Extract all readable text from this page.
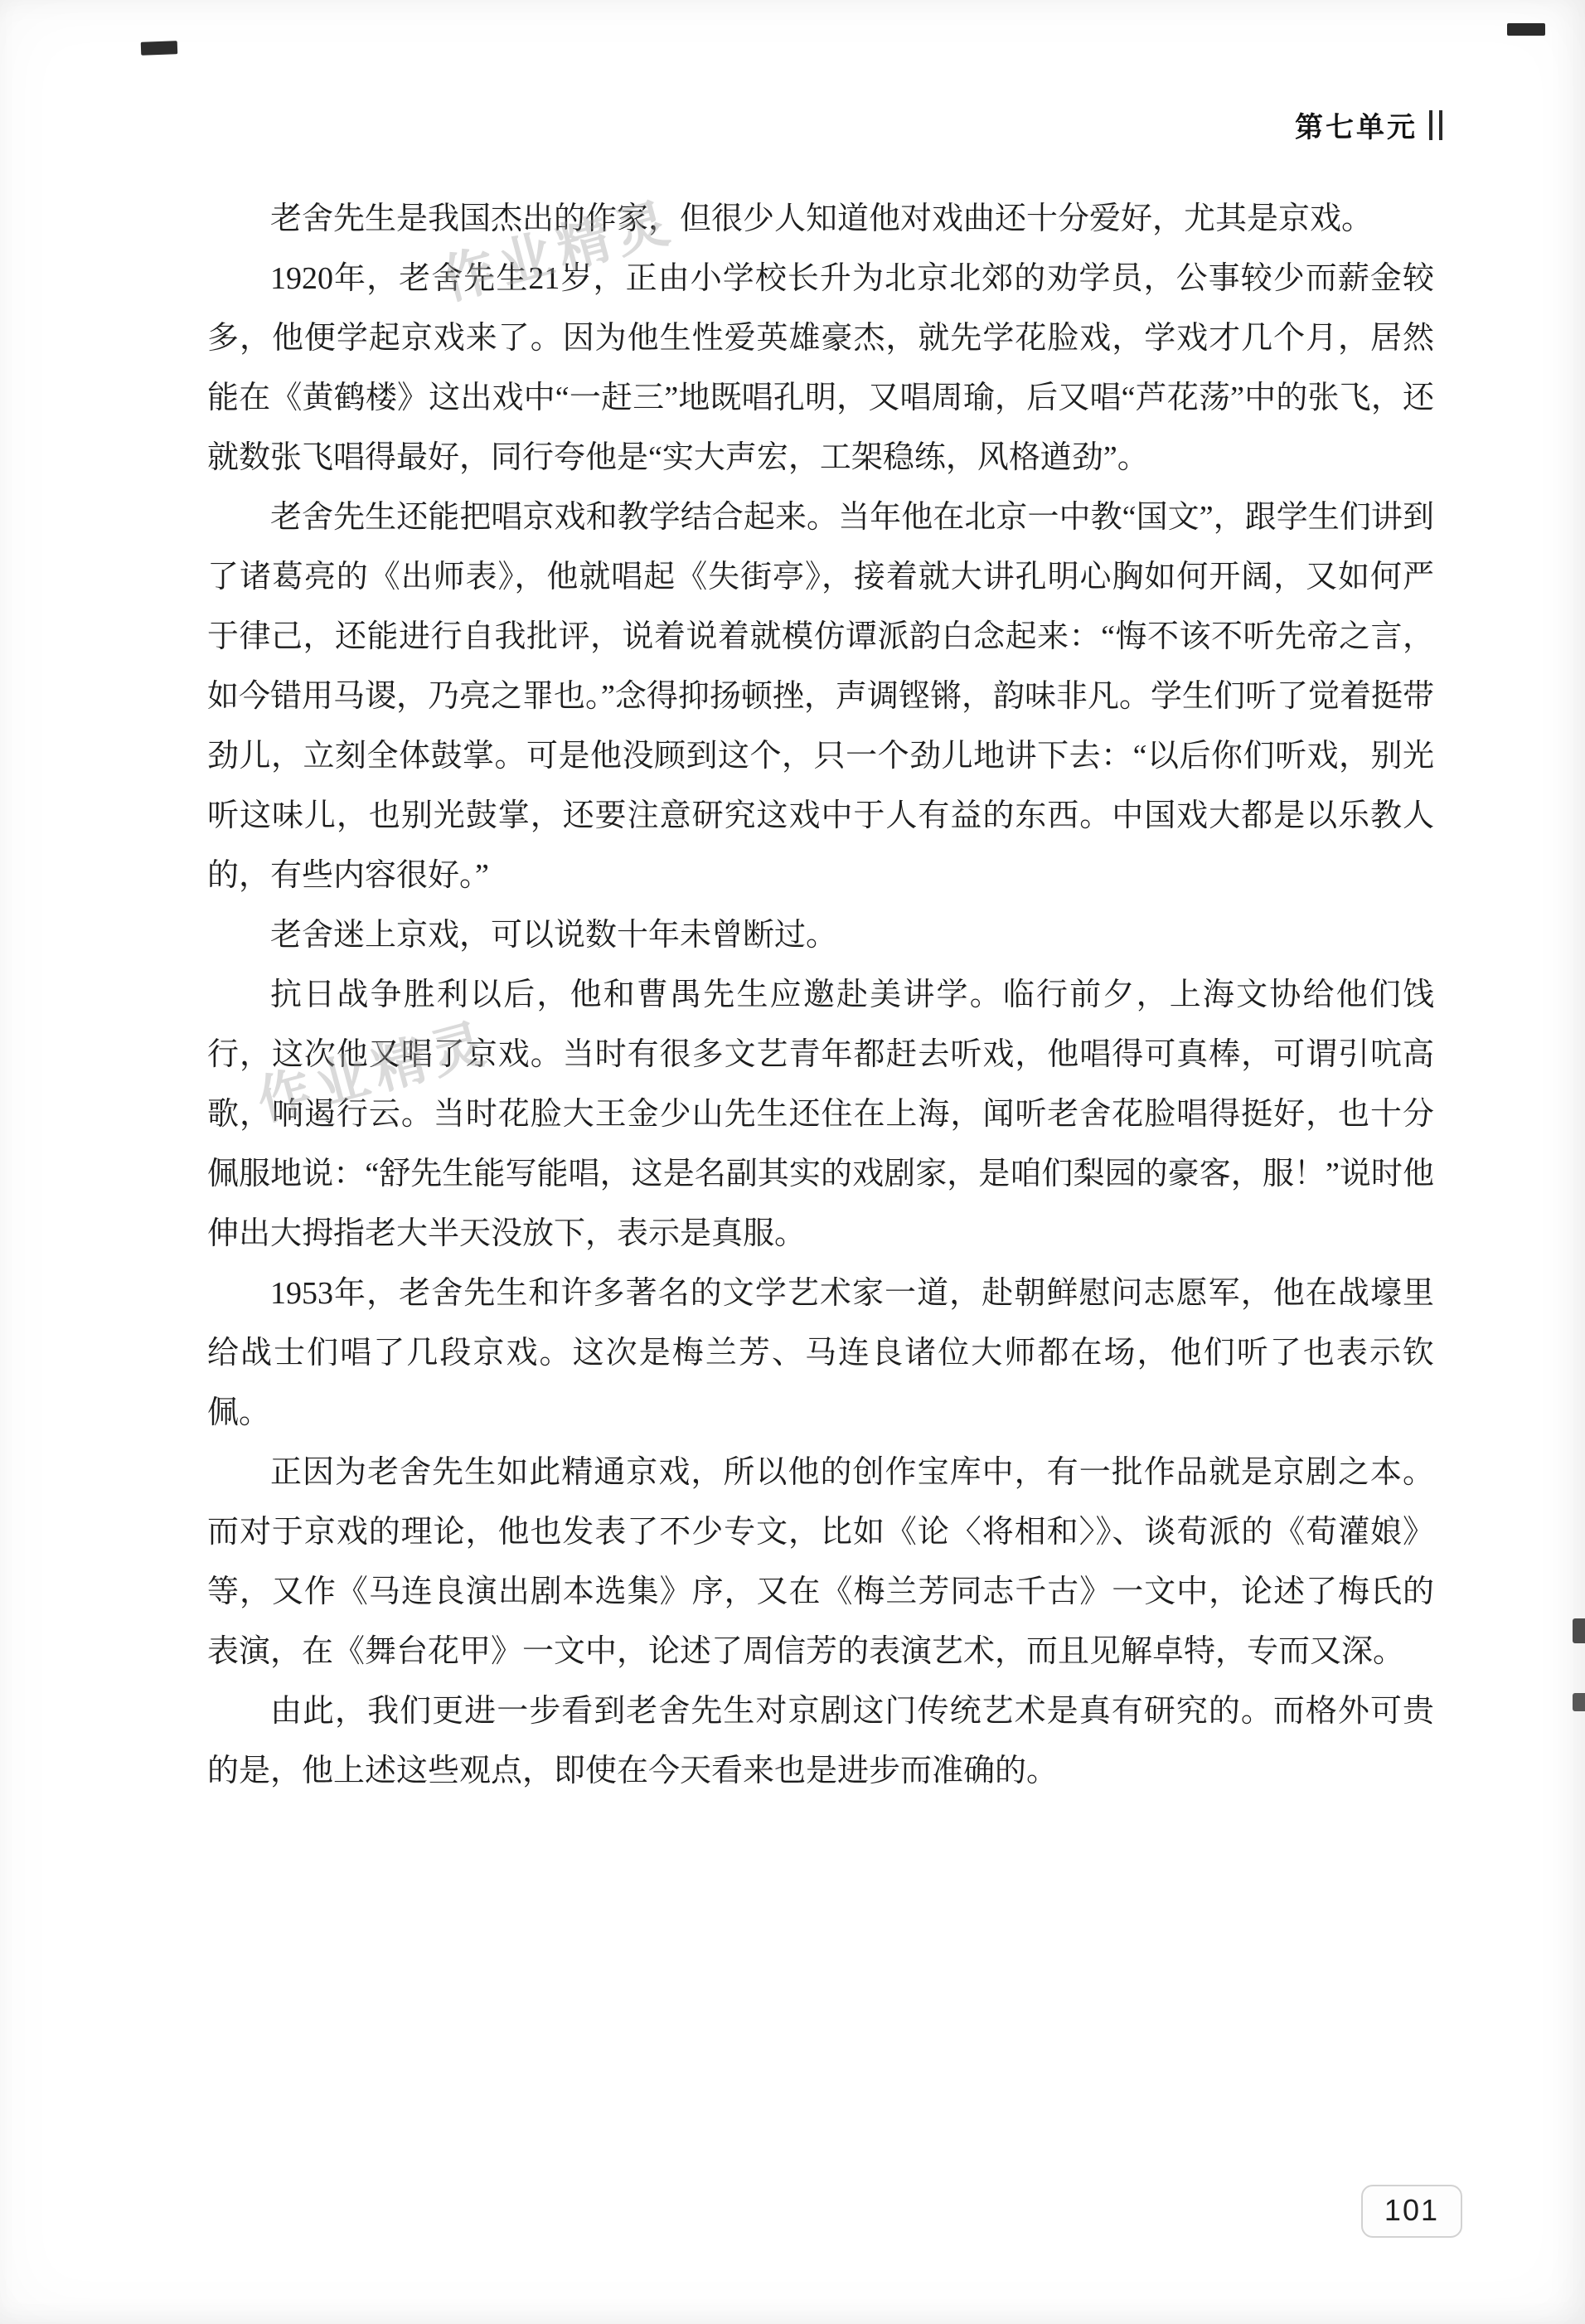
第七单元
作业精灵
作业精灵

老舍先生是我国杰出的作家，但很少人知道他对戏曲还十分爱好，尤其是京戏。

1920年，老舍先生21岁，正由小学校长升为北京北郊的劝学员，公事较少而薪金较多，他便学起京戏来了。因为他生性爱英雄豪杰，就先学花脸戏，学戏才几个月，居然能在《黄鹤楼》这出戏中“一赶三”地既唱孔明，又唱周瑜，后又唱“芦花荡”中的张飞，还就数张飞唱得最好，同行夸他是“实大声宏，工架稳练，风格遒劲”。

老舍先生还能把唱京戏和教学结合起来。当年他在北京一中教“国文”，跟学生们讲到了诸葛亮的《出师表》，他就唱起《失街亭》，接着就大讲孔明心胸如何开阔，又如何严于律己，还能进行自我批评，说着说着就模仿谭派韵白念起来：“悔不该不听先帝之言，如今错用马谡，乃亮之罪也。”念得抑扬顿挫，声调铿锵，韵味非凡。学生们听了觉着挺带劲儿，立刻全体鼓掌。可是他没顾到这个，只一个劲儿地讲下去：“以后你们听戏，别光听这味儿，也别光鼓掌，还要注意研究这戏中于人有益的东西。中国戏大都是以乐教人的，有些内容很好。”

老舍迷上京戏，可以说数十年未曾断过。

抗日战争胜利以后，他和曹禺先生应邀赴美讲学。临行前夕，上海文协给他们饯行，这次他又唱了京戏。当时有很多文艺青年都赶去听戏，他唱得可真棒，可谓引吭高歌，响遏行云。当时花脸大王金少山先生还住在上海，闻听老舍花脸唱得挺好，也十分佩服地说：“舒先生能写能唱，这是名副其实的戏剧家，是咱们梨园的豪客，服！”说时他伸出大拇指老大半天没放下，表示是真服。

1953年，老舍先生和许多著名的文学艺术家一道，赴朝鲜慰问志愿军，他在战壕里给战士们唱了几段京戏。这次是梅兰芳、马连良诸位大师都在场，他们听了也表示钦佩。

正因为老舍先生如此精通京戏，所以他的创作宝库中，有一批作品就是京剧之本。而对于京戏的理论，他也发表了不少专文，比如《论〈将相和〉》、谈荀派的《荀灌娘》等，又作《马连良演出剧本选集》序，又在《梅兰芳同志千古》一文中，论述了梅氏的表演，在《舞台花甲》一文中，论述了周信芳的表演艺术，而且见解卓特，专而又深。

由此，我们更进一步看到老舍先生对京剧这门传统艺术是真有研究的。而格外可贵的是，他上述这些观点，即使在今天看来也是进步而准确的。

101
